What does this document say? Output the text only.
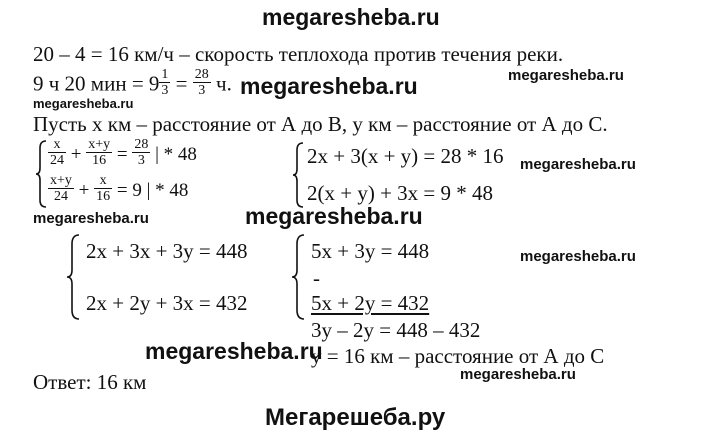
megaresheba.ru
megaresheba.ru
megaresheba.ru
megaresheba.ru
megaresheba.ru
megaresheba.ru	megaresheba.ru
megaresheba.ru
megaresheba.ru
megaresheba.ru
Мегарешеба.ру
20 – 4 = 16 км/ч – скорость теплохода против течения реки.
9 ч 20 мин = $9 \frac{1}{3} = \frac{28}{3} ч$.
Пусть х км – расстояние от А до В, у км – расстояние от А до С.
$\frac{x}{24} + \frac{x+y}{16} = \frac{28}{3}$ | * 48
$\frac{x+y}{24} + \frac{x}{16} = 9$ | * 48
2x + 3(x + y) = 28 * 16
2(x + y) + 3x = 9 * 48
2x + 3x + 3y = 448
2x + 2y + 3x = 432
5x + 3y = 448
-
5x + 2y = 432
3y – 2y = 448 – 432
y = 16 км – расстояние от А до С
Ответ: 16 км
